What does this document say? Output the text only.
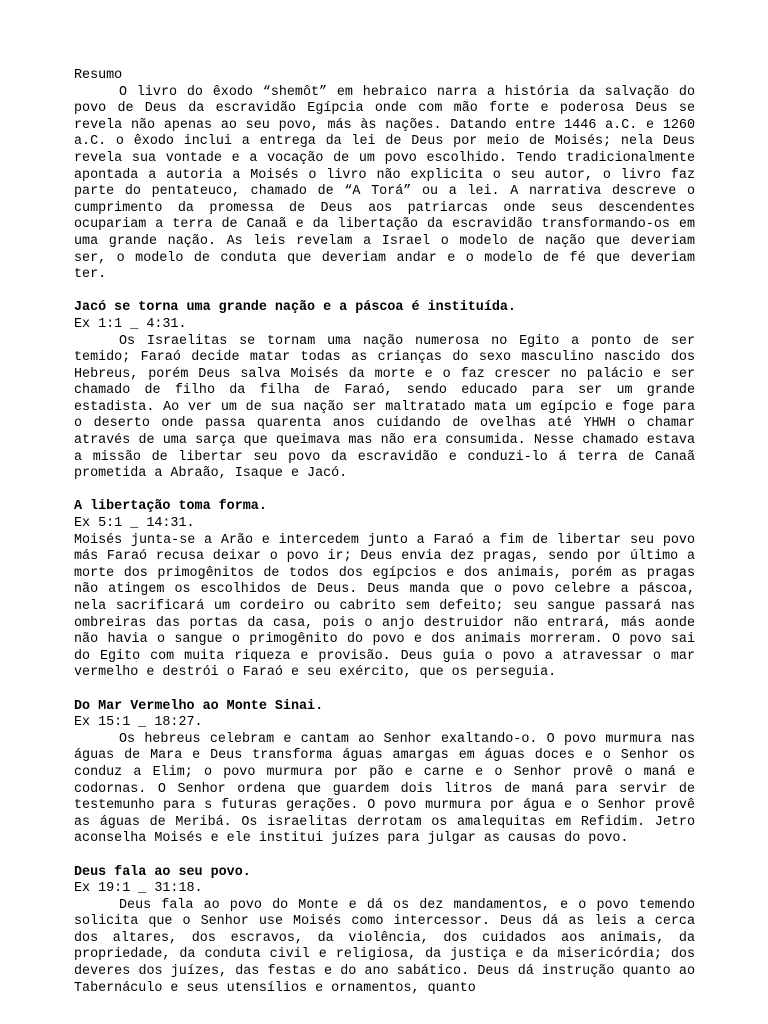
Resumo

O livro do êxodo “shemôt” em hebraico narra a história da salvação do povo de Deus da escravidão Egípcia onde com mão forte e poderosa Deus se revela não apenas ao seu povo, más às nações. Datando entre 1446 a.C. e 1260 a.C. o êxodo inclui a entrega da lei de Deus por meio de Moisés; nela Deus revela sua vontade e a vocação de um povo escolhido. Tendo tradicionalmente apontada a autoria a Moisés o livro não explicita o seu autor, o livro faz parte do pentateuco, chamado de “A Torá” ou a lei. A narrativa descreve o cumprimento da promessa de Deus aos patriarcas onde seus descendentes ocupariam a terra de Canaã e da libertação da escravidão transformando-os em uma grande nação. As leis revelam a Israel o modelo de nação que deveriam ser, o modelo de conduta que deveriam andar e o modelo de fé que deveriam ter.

Jacó se torna uma grande nação e a páscoa é instituída.

Ex 1:1 _ 4:31.

Os Israelitas se tornam uma nação numerosa no Egito a ponto de ser temido; Faraó decide matar todas as crianças do sexo masculino nascido dos Hebreus, porém Deus salva Moisés da morte e o faz crescer no palácio e ser chamado de filho da filha de Faraó, sendo educado para ser um grande estadista. Ao ver um de sua nação ser maltratado mata um egípcio e foge para o deserto onde passa quarenta anos cuidando de ovelhas até YHWH o chamar através de uma sarça que queimava mas não era consumida. Nesse chamado estava a missão de libertar seu povo da escravidão e conduzi-lo á terra de Canaã prometida a Abraão, Isaque e Jacó.

A libertação toma forma.

Ex 5:1 _ 14:31.

Moisés junta-se a Arão e intercedem junto a Faraó a fim de libertar seu povo más Faraó recusa deixar o povo ir; Deus envia dez pragas, sendo por último a morte dos primogênitos de todos dos egípcios e dos animais, porém as pragas não atingem os escolhidos de Deus. Deus manda que o povo celebre a páscoa, nela sacrificará um cordeiro ou cabrito sem defeito; seu sangue passará nas ombreiras das portas da casa, pois o anjo destruidor não entrará, más aonde não havia o sangue o primogênito do povo e dos animais morreram. O povo sai do Egito com muita riqueza e provisão. Deus guia o povo a atravessar o mar vermelho e destrói o Faraó e seu exército, que os perseguia.

Do Mar Vermelho ao Monte Sinai.

Ex 15:1 _ 18:27.

Os hebreus celebram e cantam ao Senhor exaltando-o. O povo murmura nas águas de Mara e Deus transforma águas amargas em águas doces e o Senhor os conduz a Elim; o povo murmura por pão e carne e o Senhor provê o maná e codornas. O Senhor ordena que guardem dois litros de maná para servir de testemunho para s futuras gerações. O povo murmura por água e o Senhor provê as águas de Meribá. Os israelitas derrotam os amalequitas em Refidim. Jetro aconselha Moisés e ele institui juízes para julgar as causas do povo.

Deus fala ao seu povo.

Ex 19:1 _ 31:18.

Deus fala ao povo do Monte e dá os dez mandamentos, e o povo temendo solicita que o Senhor use Moisés como intercessor. Deus dá as leis a cerca dos altares, dos escravos, da violência, dos cuidados aos animais, da propriedade, da conduta civil e religiosa, da justiça e da misericórdia; dos deveres dos juízes, das festas e do ano sabático. Deus dá instrução quanto ao Tabernáculo e seus utensílios e ornamentos, quanto
